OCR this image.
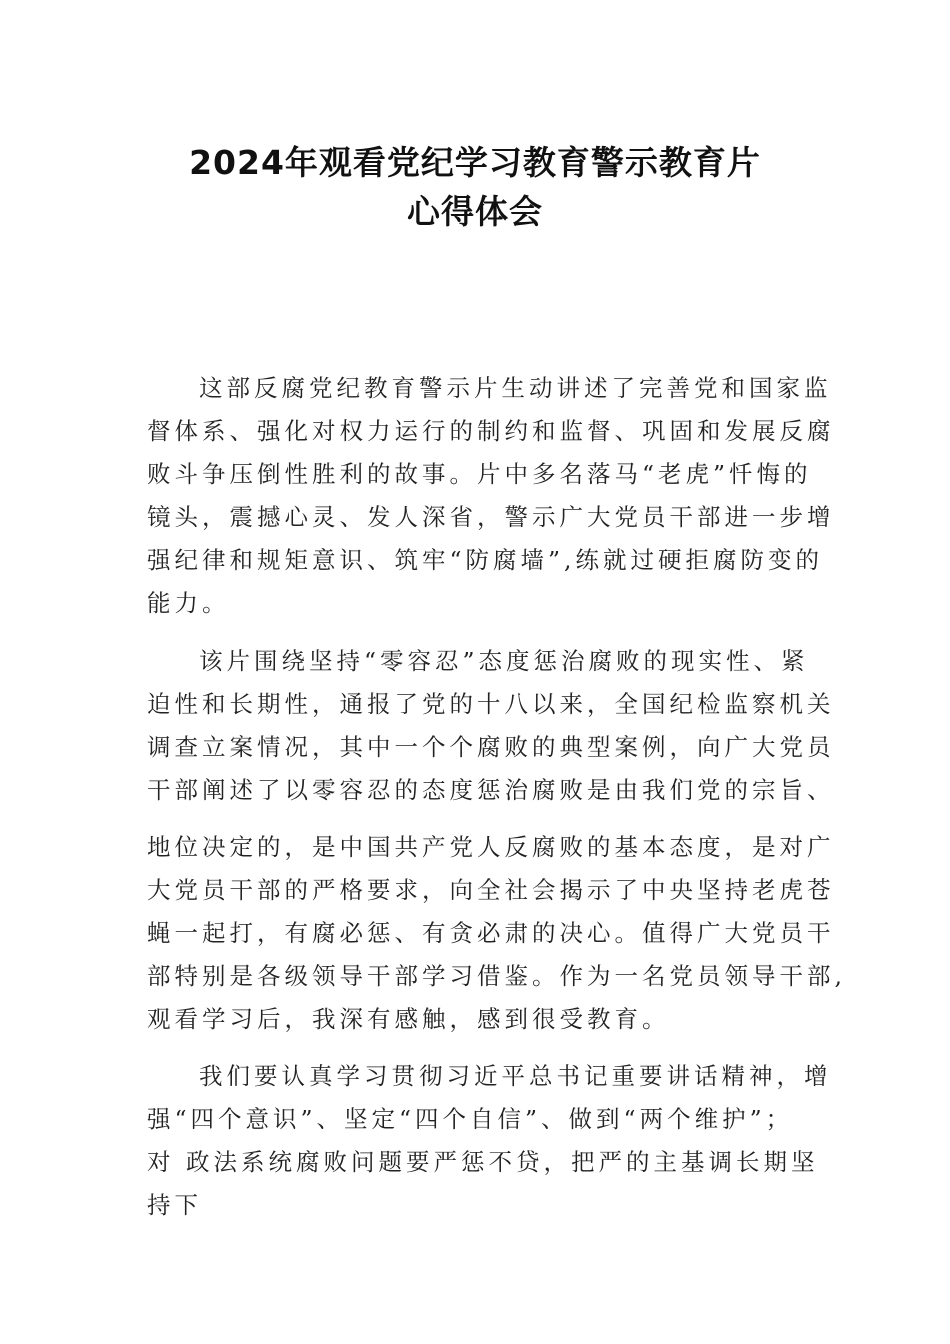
2024年观看党纪学习教育警示教育片
心得体会
这部反腐党纪教育警示片生动讲述了完善党和国家监
督体系、强化对权力运行的制约和监督、巩固和发展反腐
败斗争压倒性胜利的故事。片中多名落马“老虎”忏悔的
镜头，震撼心灵、发人深省，警示广大党员干部进一步增
强纪律和规矩意识、筑牢“防腐墙”,练就过硬拒腐防变的
能力。
该片围绕坚持“零容忍”态度惩治腐败的现实性、紧
迫性和长期性，通报了党的十八以来，全国纪检监察机关
调查立案情况，其中一个个腐败的典型案例，向广大党员
干部阐述了以零容忍的态度惩治腐败是由我们党的宗旨、
地位决定的，是中国共产党人反腐败的基本态度，是对广
大党员干部的严格要求，向全社会揭示了中央坚持老虎苍
蝇一起打，有腐必惩、有贪必肃的决心。值得广大党员干
部特别是各级领导干部学习借鉴。作为一名党员领导干部,
观看学习后，我深有感触，感到很受教育。
我们要认真学习贯彻习近平总书记重要讲话精神，增
强“四个意识”、坚定“四个自信”、做到“两个维护”；
对 政法系统腐败问题要严惩不贷，把严的主基调长期坚
持下
